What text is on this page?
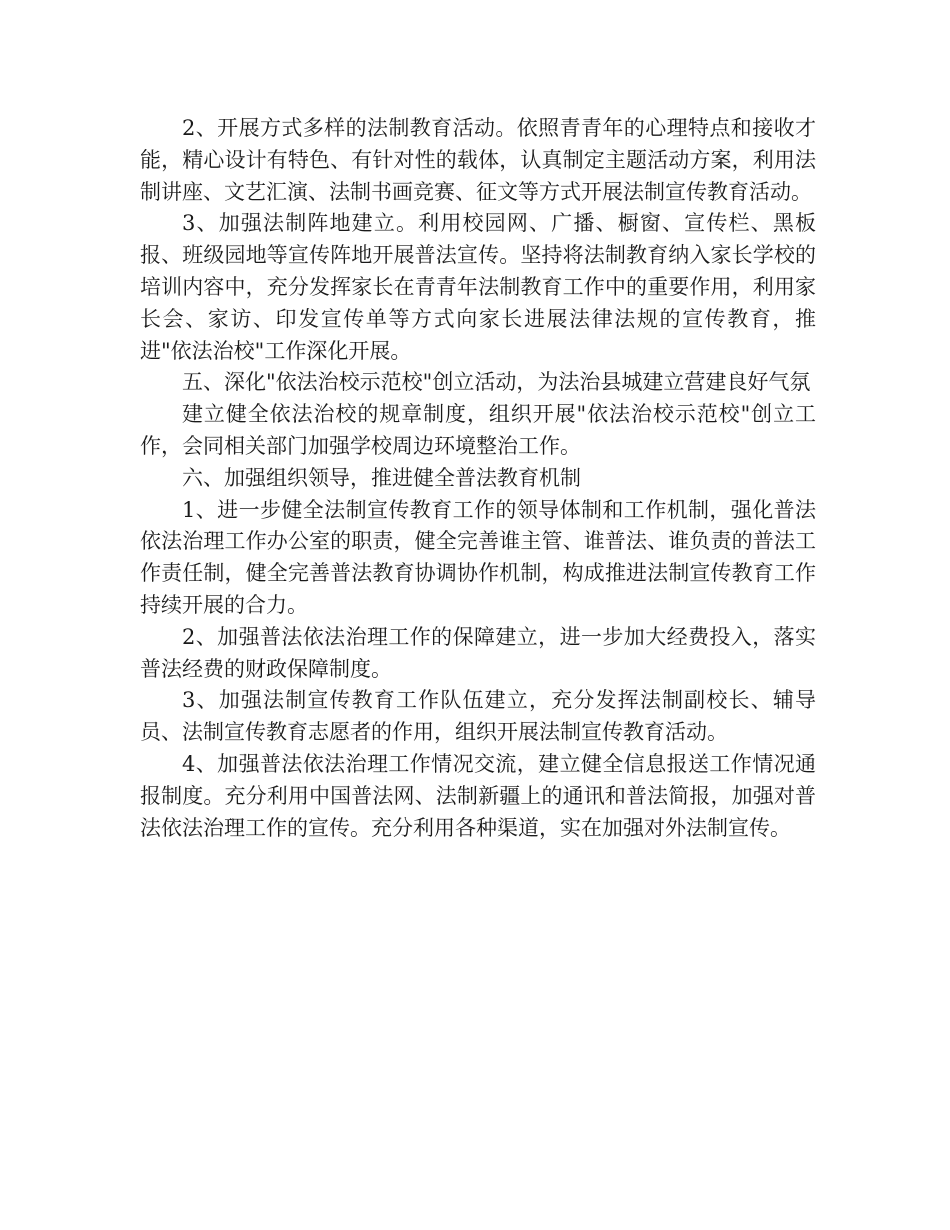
2、开展方式多样的法制教育活动。依照青青年的心理特点和接收才能，精心设计有特色、有针对性的载体，认真制定主题活动方案，利用法制讲座、文艺汇演、法制书画竞赛、征文等方式开展法制宣传教育活动。

3、加强法制阵地建立。利用校园网、广播、橱窗、宣传栏、黑板报、班级园地等宣传阵地开展普法宣传。坚持将法制教育纳入家长学校的培训内容中，充分发挥家长在青青年法制教育工作中的重要作用，利用家长会、家访、印发宣传单等方式向家长进展法律法规的宣传教育，推进"依法治校"工作深化开展。

五、深化"依法治校示范校"创立活动，为法治县城建立营建良好气氛

建立健全依法治校的规章制度，组织开展"依法治校示范校"创立工作，会同相关部门加强学校周边环境整治工作。

六、加强组织领导，推进健全普法教育机制

1、进一步健全法制宣传教育工作的领导体制和工作机制，强化普法依法治理工作办公室的职责，健全完善谁主管、谁普法、谁负责的普法工作责任制，健全完善普法教育协调协作机制，构成推进法制宣传教育工作持续开展的合力。

2、加强普法依法治理工作的保障建立，进一步加大经费投入，落实普法经费的财政保障制度。

3、加强法制宣传教育工作队伍建立，充分发挥法制副校长、辅导员、法制宣传教育志愿者的作用，组织开展法制宣传教育活动。

4、加强普法依法治理工作情况交流，建立健全信息报送工作情况通报制度。充分利用中国普法网、法制新疆上的通讯和普法简报，加强对普法依法治理工作的宣传。充分利用各种渠道，实在加强对外法制宣传。
